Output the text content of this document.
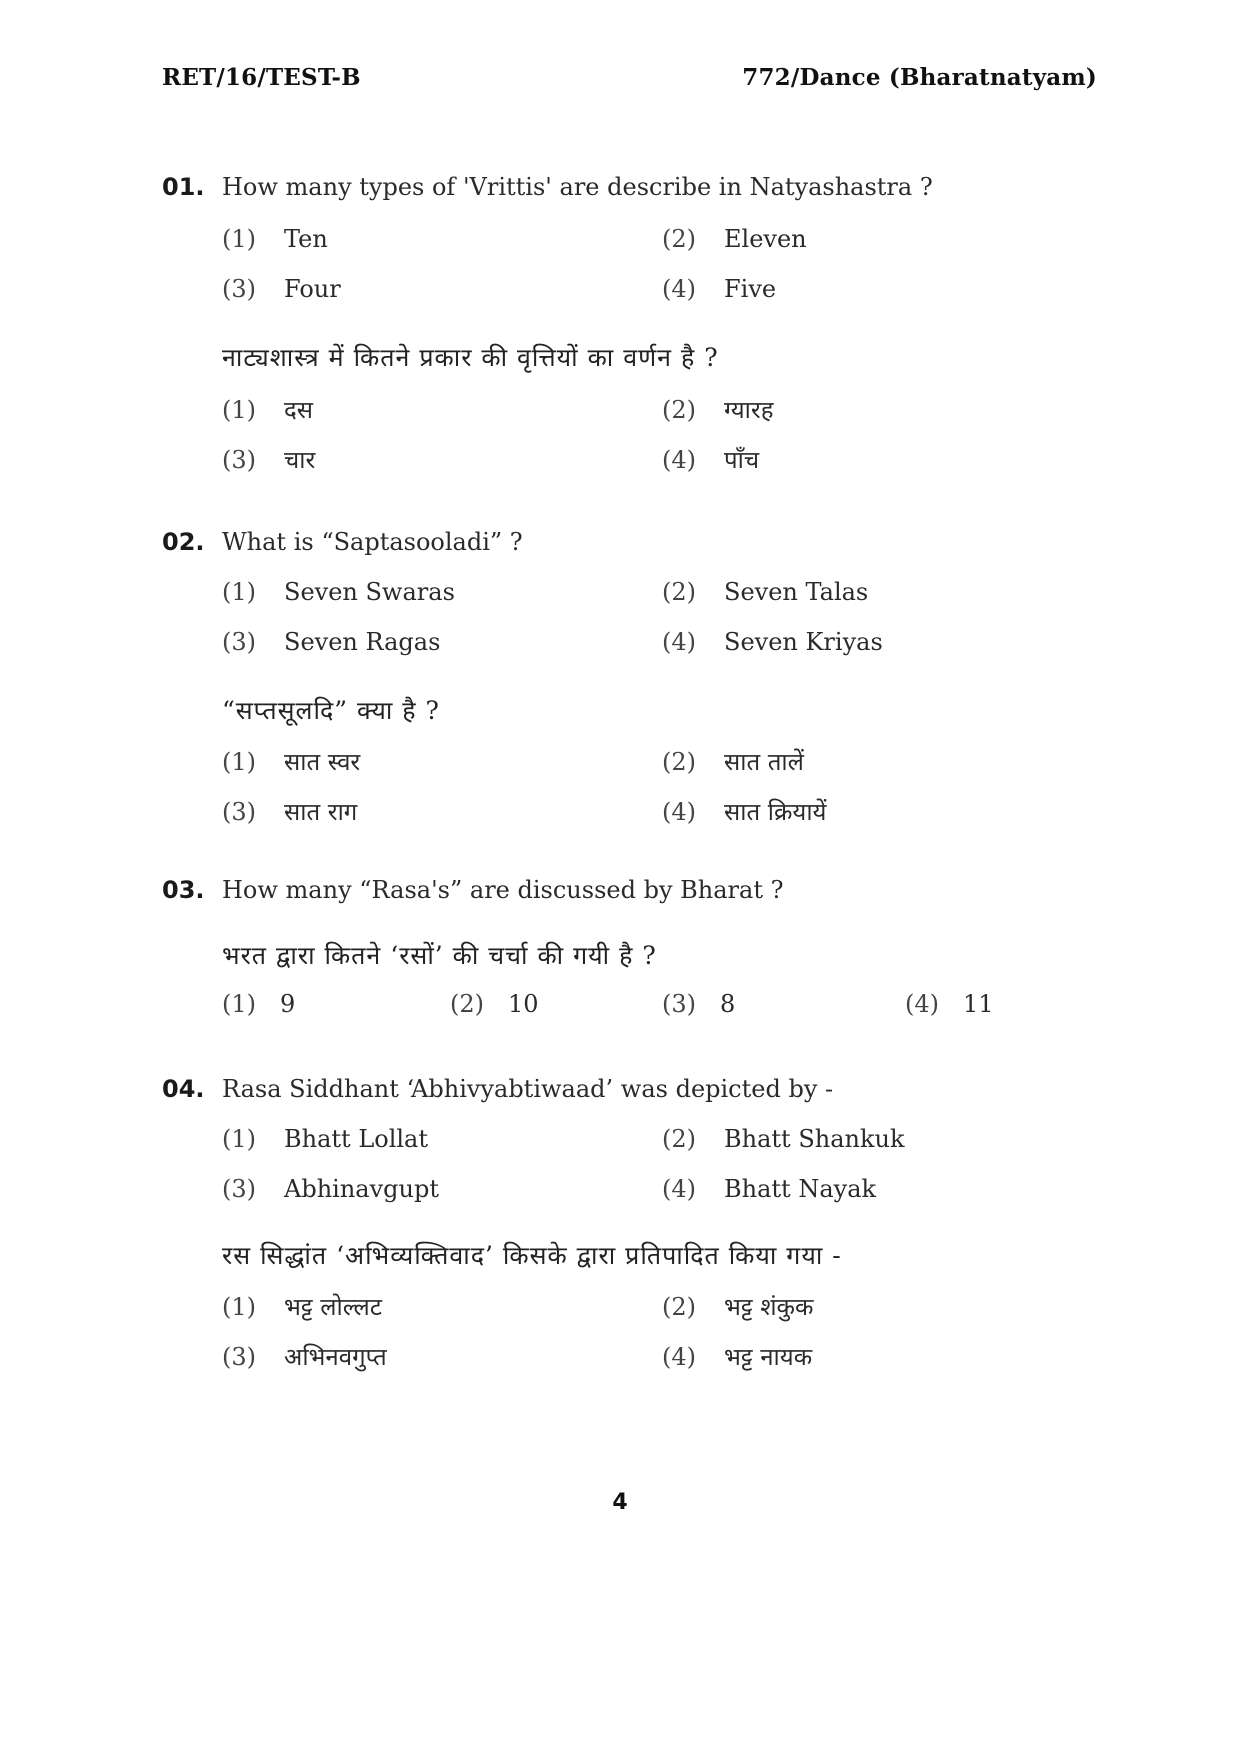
RET/16/TEST-B	772/Dance (Bharatnatyam)
01. How many types of 'Vrittis' are describe in Natyashastra ?
(1) Ten	(2) Eleven
(3) Four	(4) Five
नाट्यशास्त्र में कितने प्रकार की वृत्तियों का वर्णन है ?
(1) दस	(2) ग्यारह
(3) चार	(4) पाँच
02. What is “Saptasooladi” ?
(1) Seven Swaras	(2) Seven Talas
(3) Seven Ragas	(4) Seven Kriyas
“सप्तसूलदि” क्या है ?
(1) सात स्वर	(2) सात तालें
(3) सात राग	(4) सात क्रियायें
03. How many “Rasa's” are discussed by Bharat ?
भरत द्वारा कितने ‘रसों’ की चर्चा की गयी है ?
(1) 9	(2) 10	(3) 8	(4) 11
04. Rasa Siddhant ‘Abhivyabtiwaad’ was depicted by -
(1) Bhatt Lollat	(2) Bhatt Shankuk
(3) Abhinavgupt	(4) Bhatt Nayak
रस सिद्धांत ‘अभिव्यक्तिवाद’ किसके द्वारा प्रतिपादित किया गया -
(1) भट्ट लोल्लट	(2) भट्ट शंकुक
(3) अभिनवगुप्त	(4) भट्ट नायक
4
